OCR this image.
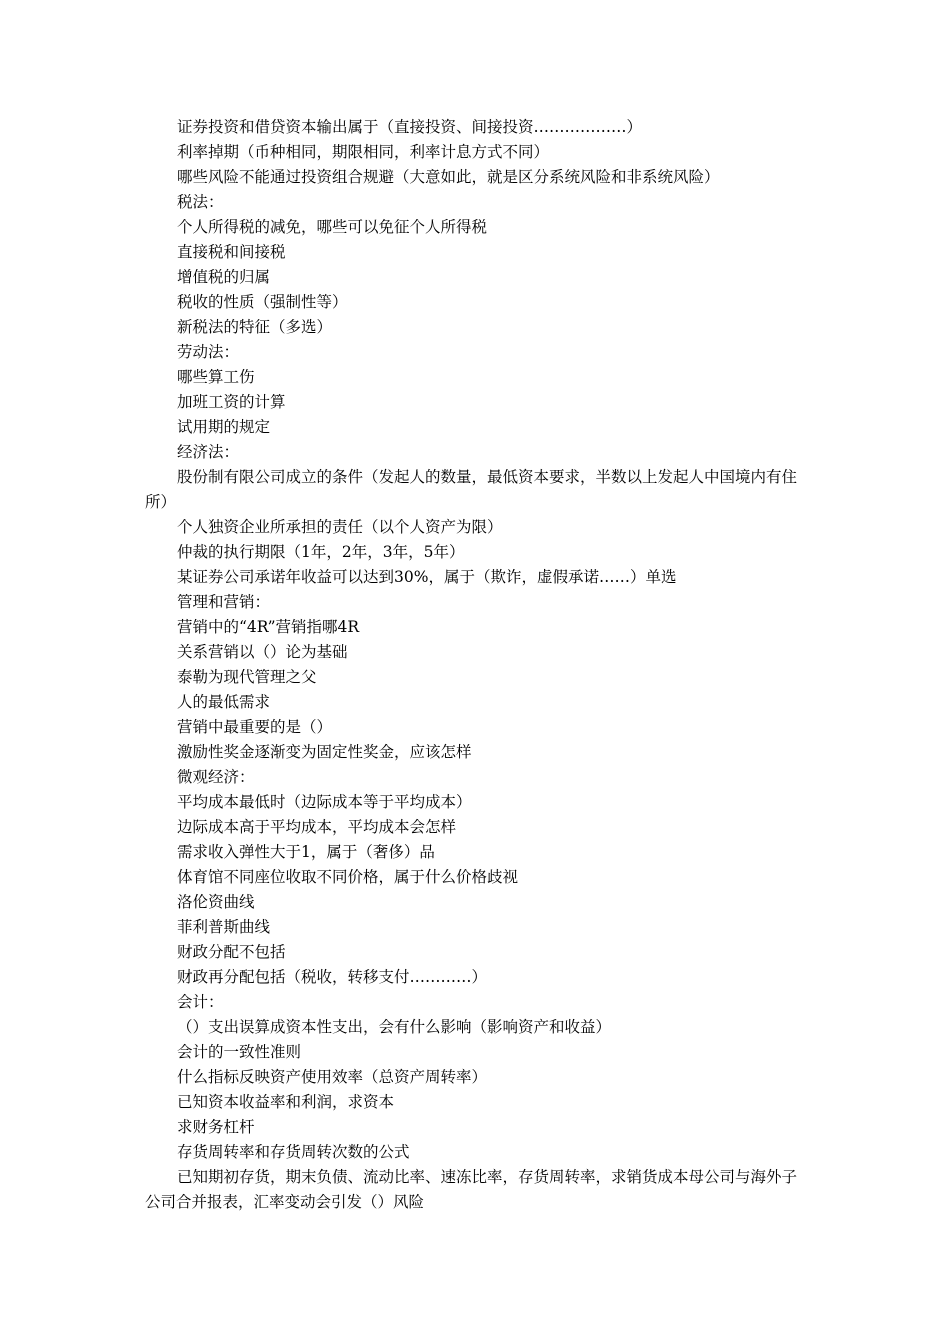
证券投资和借贷资本输出属于（直接投资、间接投资………………）

利率掉期（币种相同，期限相同，利率计息方式不同）

哪些风险不能通过投资组合规避（大意如此，就是区分系统风险和非系统风险）

税法：

个人所得税的减免，哪些可以免征个人所得税

直接税和间接税

增值税的归属

税收的性质（强制性等）

新税法的特征（多选）

劳动法：

哪些算工伤

加班工资的计算

试用期的规定

经济法：

股份制有限公司成立的条件（发起人的数量，最低资本要求，半数以上发起人中国境内有住所）

个人独资企业所承担的责任（以个人资产为限）

仲裁的执行期限（1年，2年，3年，5年）

某证券公司承诺年收益可以达到30%，属于（欺诈，虚假承诺……）单选

管理和营销：

营销中的“4R”营销指哪4R

关系营销以（）论为基础

泰勒为现代管理之父

人的最低需求

营销中最重要的是（）

激励性奖金逐渐变为固定性奖金，应该怎样

微观经济：

平均成本最低时（边际成本等于平均成本）

边际成本高于平均成本，平均成本会怎样

需求收入弹性大于1，属于（奢侈）品

体育馆不同座位收取不同价格，属于什么价格歧视

洛伦资曲线

菲利普斯曲线

财政分配不包括

财政再分配包括（税收，转移支付…………）

会计：

（）支出误算成资本性支出，会有什么影响（影响资产和收益）

会计的一致性准则

什么指标反映资产使用效率（总资产周转率）

已知资本收益率和利润，求资本

求财务杠杆

存货周转率和存货周转次数的公式

已知期初存货，期末负债、流动比率、速冻比率，存货周转率，求销货成本母公司与海外子公司合并报表，汇率变动会引发（）风险
